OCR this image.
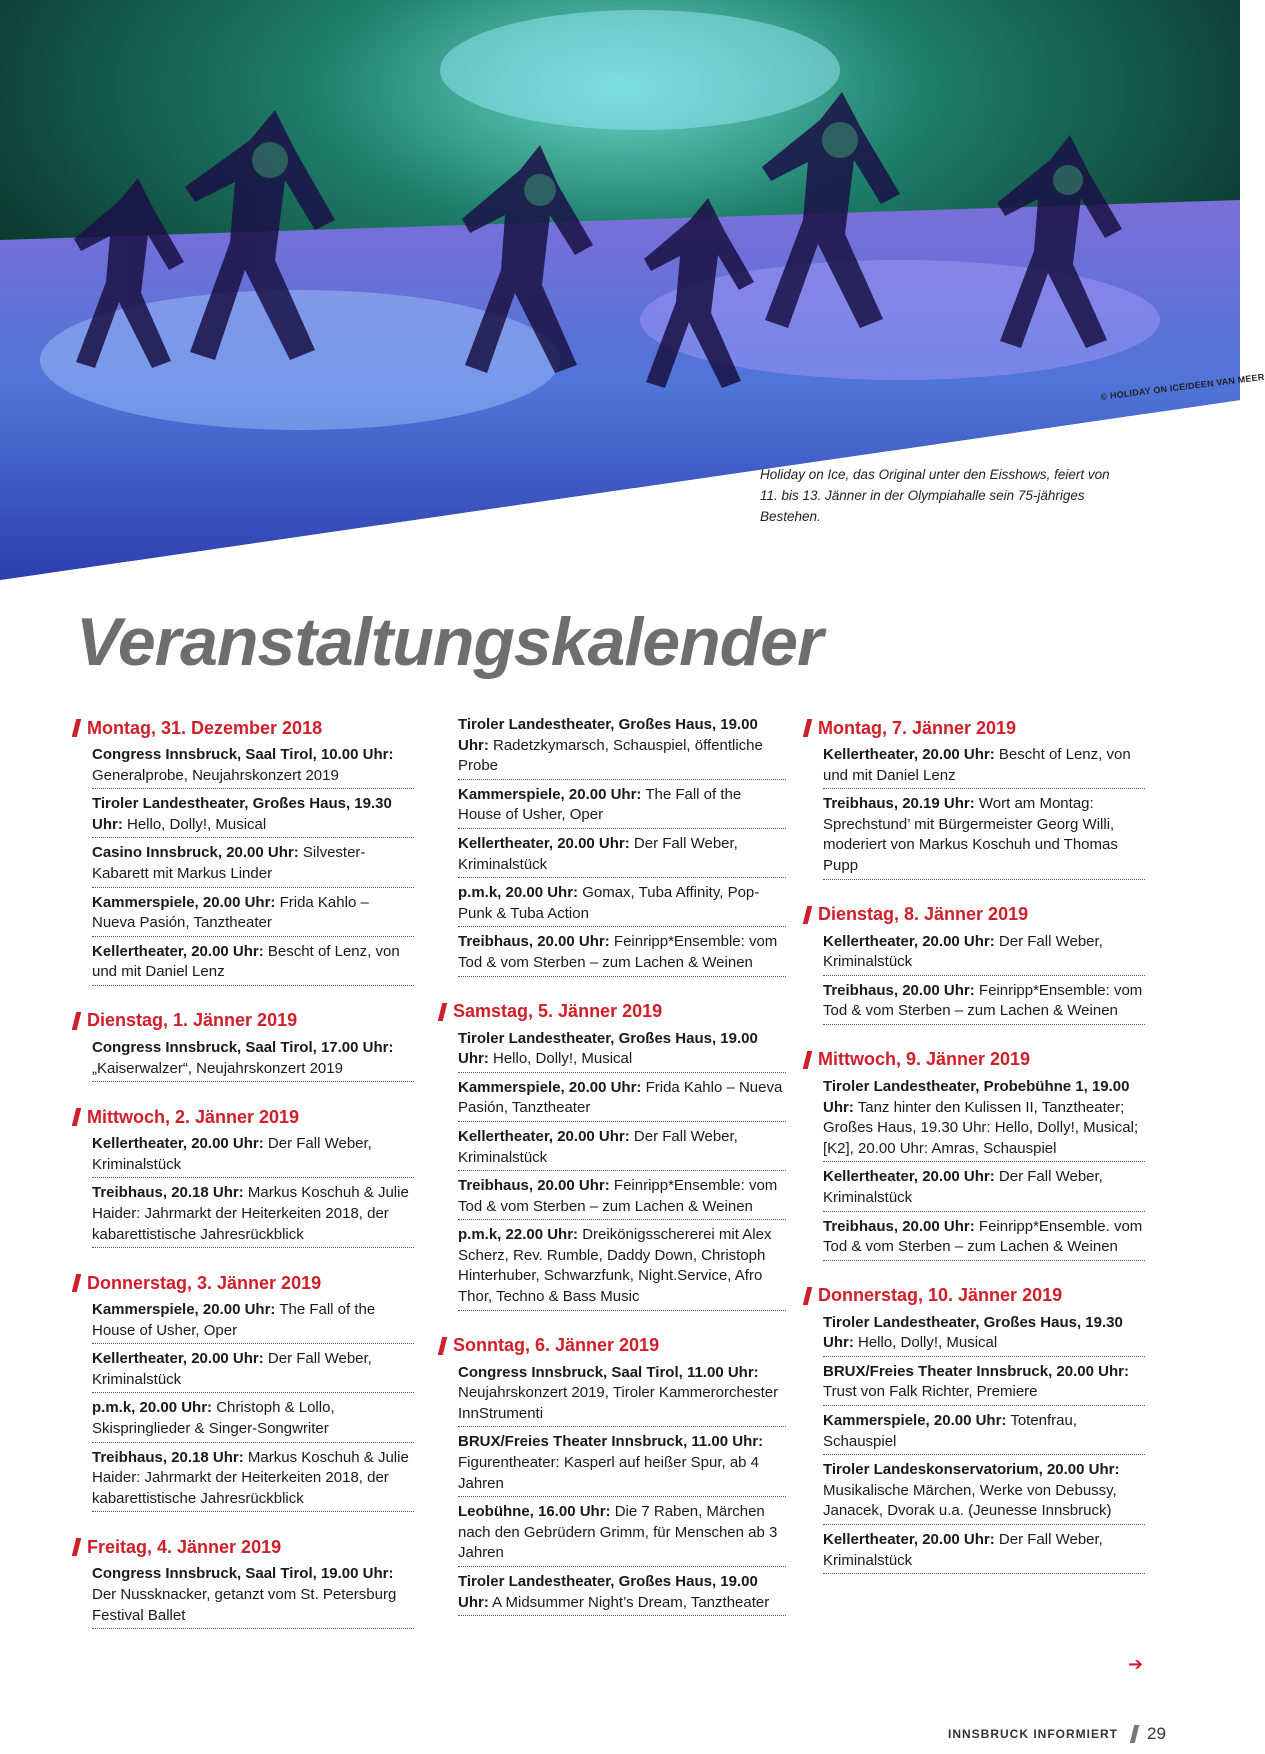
© HOLIDAY ON ICE/DEEN VAN MEER
Holiday on Ice, das Original unter den Eisshows, feiert von 11. bis 13. Jänner in der Olympiahalle sein 75-jähriges Bestehen.
Veranstaltungskalender
Montag, 31. Dezember 2018
Congress Innsbruck, Saal Tirol, 10.00 Uhr: Generalprobe, Neujahrskonzert 2019
Tiroler Landestheater, Großes Haus, 19.30 Uhr: Hello, Dolly!, Musical
Casino Innsbruck, 20.00 Uhr: Silvester-Kabarett mit Markus Linder
Kammerspiele, 20.00 Uhr: Frida Kahlo – Nueva Pasión, Tanztheater
Kellertheater, 20.00 Uhr: Bescht of Lenz, von und mit Daniel Lenz
Dienstag, 1. Jänner 2019
Congress Innsbruck, Saal Tirol, 17.00 Uhr: „Kaiserwalzer“, Neujahrskonzert 2019
Mittwoch, 2. Jänner 2019
Kellertheater, 20.00 Uhr: Der Fall Weber, Kriminalstück
Treibhaus, 20.18 Uhr: Markus Koschuh & Julie Haider: Jahrmarkt der Heiterkeiten 2018, der kabarettistische Jahresrückblick
Donnerstag, 3. Jänner 2019
Kammerspiele, 20.00 Uhr: The Fall of the House of Usher, Oper
Kellertheater, 20.00 Uhr: Der Fall Weber, Kriminalstück
p.m.k, 20.00 Uhr: Christoph & Lollo, Skispringlieder & Singer-Songwriter
Treibhaus, 20.18 Uhr: Markus Koschuh & Julie Haider: Jahrmarkt der Heiterkeiten 2018, der kabarettistische Jahresrückblick
Freitag, 4. Jänner 2019
Congress Innsbruck, Saal Tirol, 19.00 Uhr: Der Nussknacker, getanzt vom St. Petersburg Festival Ballet
Tiroler Landestheater, Großes Haus, 19.00 Uhr: Radetzkymarsch, Schauspiel, öffentliche Probe
Kammerspiele, 20.00 Uhr: The Fall of the House of Usher, Oper
Kellertheater, 20.00 Uhr: Der Fall Weber, Kriminalstück
p.m.k, 20.00 Uhr: Gomax, Tuba Affinity, Pop-Punk & Tuba Action
Treibhaus, 20.00 Uhr: Feinripp*Ensemble: vom Tod & vom Sterben – zum Lachen & Weinen
Samstag, 5. Jänner 2019
Tiroler Landestheater, Großes Haus, 19.00 Uhr: Hello, Dolly!, Musical
Kammerspiele, 20.00 Uhr: Frida Kahlo – Nueva Pasión, Tanztheater
Kellertheater, 20.00 Uhr: Der Fall Weber, Kriminalstück
Treibhaus, 20.00 Uhr: Feinripp*Ensemble: vom Tod & vom Sterben – zum Lachen & Weinen
p.m.k, 22.00 Uhr: Dreikönigsschererei mit Alex Scherz, Rev. Rumble, Daddy Down, Christoph Hinterhuber, Schwarzfunk, Night.Service, Afro Thor, Techno & Bass Music
Sonntag, 6. Jänner 2019
Congress Innsbruck, Saal Tirol, 11.00 Uhr: Neujahrskonzert 2019, Tiroler Kammerorchester InnStrumenti
BRUX/Freies Theater Innsbruck, 11.00 Uhr: Figurentheater: Kasperl auf heißer Spur, ab 4 Jahren
Leobühne, 16.00 Uhr: Die 7 Raben, Märchen nach den Gebrüdern Grimm, für Menschen ab 3 Jahren
Tiroler Landestheater, Großes Haus, 19.00 Uhr: A Midsummer Night’s Dream, Tanztheater
Montag, 7. Jänner 2019
Kellertheater, 20.00 Uhr: Bescht of Lenz, von und mit Daniel Lenz
Treibhaus, 20.19 Uhr: Wort am Montag: Sprechstund’ mit Bürgermeister Georg Willi, moderiert von Markus Koschuh und Thomas Pupp
Dienstag, 8. Jänner 2019
Kellertheater, 20.00 Uhr: Der Fall Weber, Kriminalstück
Treibhaus, 20.00 Uhr: Feinripp*Ensemble: vom Tod & vom Sterben – zum Lachen & Weinen
Mittwoch, 9. Jänner 2019
Tiroler Landestheater, Probebühne 1, 19.00 Uhr: Tanz hinter den Kulissen II, Tanztheater; Großes Haus, 19.30 Uhr: Hello, Dolly!, Musical; [K2], 20.00 Uhr: Amras, Schauspiel
Kellertheater, 20.00 Uhr: Der Fall Weber, Kriminalstück
Treibhaus, 20.00 Uhr: Feinripp*Ensemble. vom Tod & vom Sterben – zum Lachen & Weinen
Donnerstag, 10. Jänner 2019
Tiroler Landestheater, Großes Haus, 19.30 Uhr: Hello, Dolly!, Musical
BRUX/Freies Theater Innsbruck, 20.00 Uhr: Trust von Falk Richter, Premiere
Kammerspiele, 20.00 Uhr: Totenfrau, Schauspiel
Tiroler Landeskonservatorium, 20.00 Uhr: Musikalische Märchen, Werke von Debussy, Janacek, Dvorak u.a. (Jeunesse Innsbruck)
Kellertheater, 20.00 Uhr: Der Fall Weber, Kriminalstück
➔
INNSBRUCK INFORMIERT 29
